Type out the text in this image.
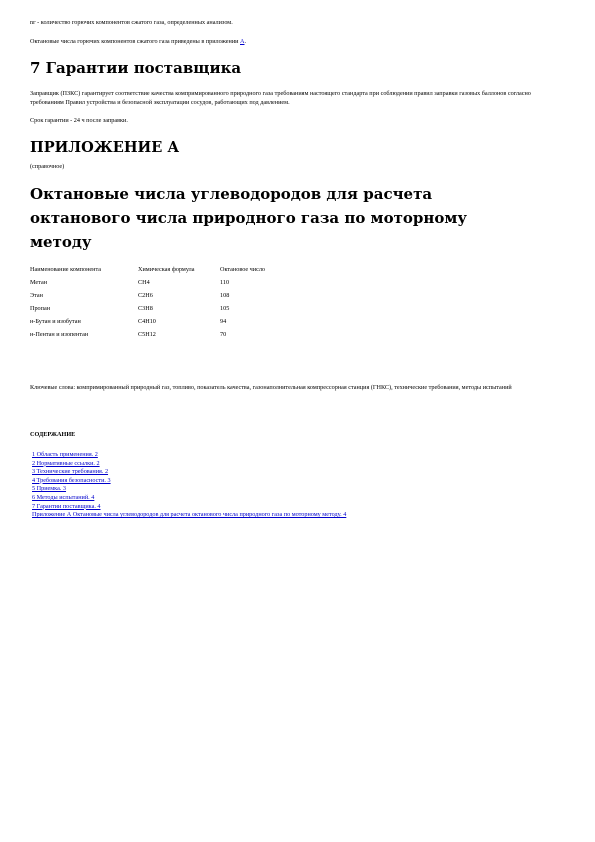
nг - количество горючих компонентов сжатого газа, определенных анализом.

Октановые числа горючих компонентов сжатого газа приведены в приложении А.

7 Гарантии поставщика

Заправщик (ПЗКС) гарантирует соответствие качества компримированного природного газа требованиям настоящего стандарта при соблюдении правил заправки газовых баллонов согласно требованиям Правил устройства и безопасной эксплуатации сосудов, работающих под давлением.

Срок гарантии - 24 ч после заправки.

ПРИЛОЖЕНИЕ А

(справочное)

Октановые числа углеводородов для расчета октанового числа природного газа по моторному методу
Наименование компонента	Химическая формула	Октановое число
Метан	CH4	110
Этан	C2H6	108
Пропан	C3H8	105
н-Бутан и изобутан	C4H10	94
н-Пентан и изопентан	C5H12	70

Ключевые слова: компримированный природный газ, топливо, показатель качества, газонаполнительная компрессорная станция (ГНКС), технические требования, методы испытаний

СОДЕРЖАНИЕ

1 Область применения. 2
2 Нормативные ссылки. 2
3 Технические требования. 2
4 Требования безопасности. 3
5 Приемка. 3
6 Методы испытаний. 4
7 Гарантии поставщика. 4
Приложение А Октановые числа углеводородов для расчета октанового числа природного газа по моторному методу. 4
